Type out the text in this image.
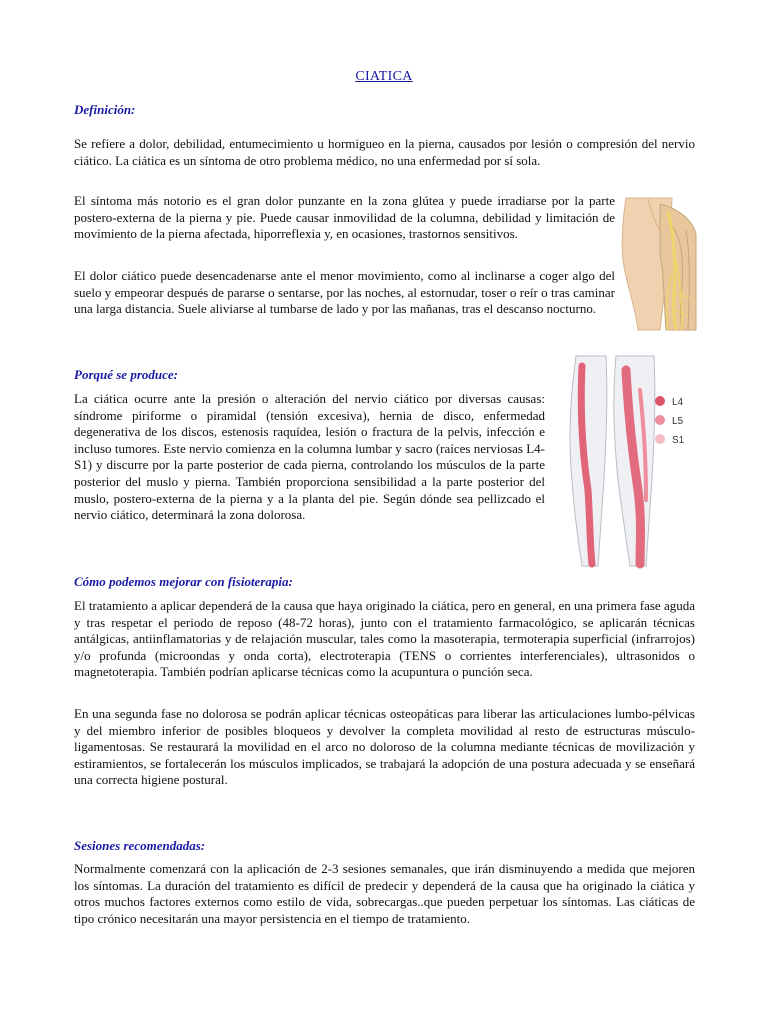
CIATICA
Definición:

Se refiere a dolor, debilidad, entumecimiento u hormigueo en la pierna, causados por lesión o compresión del nervio ciático. La ciática es un síntoma de otro problema médico, no una enfermedad por sí sola.

El síntoma más notorio es el gran dolor punzante en la zona glútea y puede irradiarse por la parte postero-externa de la pierna y pie. Puede causar inmovilidad de la columna, debilidad y limitación de movimiento de la pierna afectada, hiporreflexia y, en ocasiones, trastornos sensitivos.

El dolor ciático puede desencadenarse ante el menor movimiento, como al inclinarse a coger algo del suelo y empeorar después de pararse o sentarse, por las noches, al estornudar, toser o reír o tras caminar una larga distancia. Suele aliviarse al tumbarse de lado y por las mañanas, tras el descanso nocturno.

Porqué se produce:

La ciática ocurre ante la presión o alteración del nervio ciático por diversas causas: síndrome piriforme o piramidal (tensión excesiva), hernia de disco, enfermedad degenerativa de los discos, estenosis raquídea, lesión o fractura de la pelvis, infección e incluso tumores. Este nervio comienza en la columna lumbar y sacro (raíces nerviosas L4-S1) y discurre por la parte posterior de cada pierna, controlando los músculos de la parte posterior del muslo y pierna. También proporciona sensibilidad a la parte posterior del muslo, postero-externa de la pierna y a la planta del pie. Según dónde sea pellizcado el nervio ciático, determinará la zona dolorosa.

L4
L5
S1
Cómo podemos mejorar con fisioterapia:

El tratamiento a aplicar dependerá de la causa que haya originado la ciática, pero en general, en una primera fase aguda y tras respetar el periodo de reposo (48-72 horas), junto con el tratamiento farmacológico, se aplicarán técnicas antálgicas, antiinflamatorias y de relajación muscular, tales como la masoterapia, termoterapia superficial (infrarrojos) y/o profunda (microondas y onda corta), electroterapia (TENS o corrientes interferenciales), ultrasonidos o magnetoterapia. También podrían aplicarse técnicas como la acupuntura o punción seca.

En una segunda fase no dolorosa se podrán aplicar técnicas osteopáticas para liberar las articulaciones lumbo-pélvicas y del miembro inferior de posibles bloqueos y devolver la completa movilidad al resto de estructuras músculo-ligamentosas. Se restaurará la movilidad en el arco no doloroso de la columna mediante técnicas de movilización y estiramientos, se fortalecerán los músculos implicados, se trabajará la adopción de una postura adecuada y se enseñará una correcta higiene postural.

Sesiones recomendadas:

Normalmente comenzará con la aplicación de 2-3 sesiones semanales, que irán disminuyendo a medida que mejoren los síntomas. La duración del tratamiento es difícil de predecir y dependerá de la causa que ha originado la ciática y otros muchos factores externos como estilo de vida, sobrecargas..que pueden perpetuar los síntomas. Las ciáticas de tipo crónico necesitarán una mayor persistencia en el tiempo de tratamiento.
